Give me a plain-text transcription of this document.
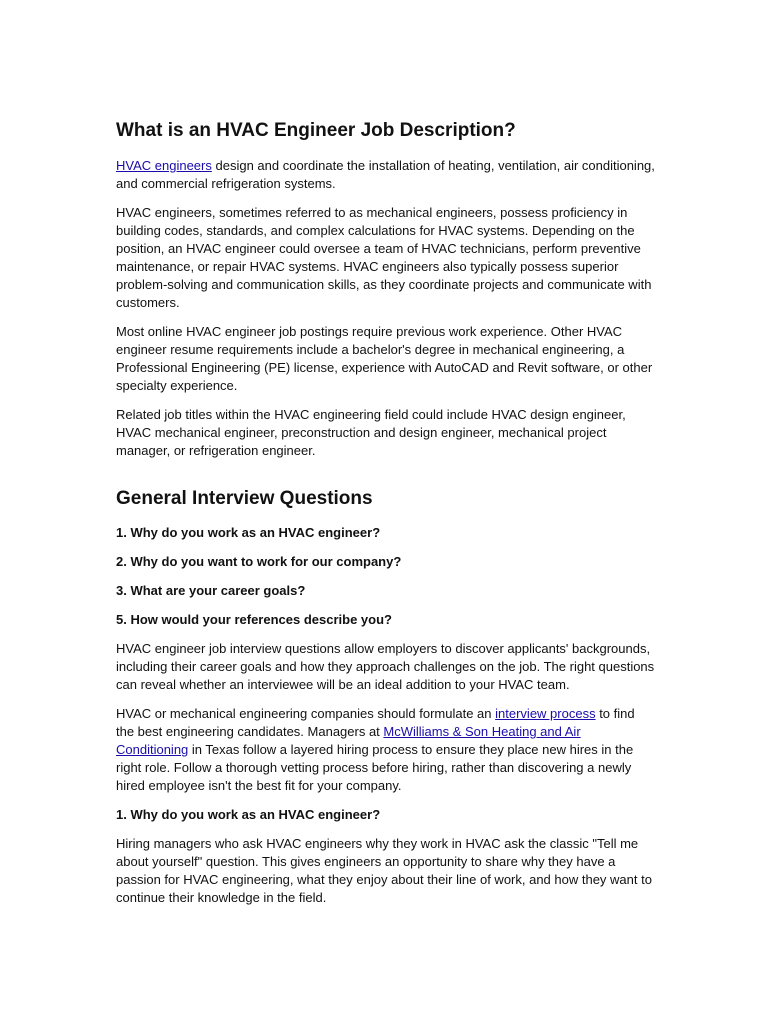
What is an HVAC Engineer Job Description?

HVAC engineers design and coordinate the installation of heating, ventilation, air conditioning, and commercial refrigeration systems.

HVAC engineers, sometimes referred to as mechanical engineers, possess proficiency in building codes, standards, and complex calculations for HVAC systems. Depending on the position, an HVAC engineer could oversee a team of HVAC technicians, perform preventive maintenance, or repair HVAC systems. HVAC engineers also typically possess superior problem-solving and communication skills, as they coordinate projects and communicate with customers.

Most online HVAC engineer job postings require previous work experience. Other HVAC engineer resume requirements include a bachelor's degree in mechanical engineering, a Professional Engineering (PE) license, experience with AutoCAD and Revit software, or other specialty experience.

Related job titles within the HVAC engineering field could include HVAC design engineer, HVAC mechanical engineer, preconstruction and design engineer, mechanical project manager, or refrigeration engineer.

General Interview Questions

1. Why do you work as an HVAC engineer?

2. Why do you want to work for our company?

3. What are your career goals?

5. How would your references describe you?

HVAC engineer job interview questions allow employers to discover applicants' backgrounds, including their career goals and how they approach challenges on the job. The right questions can reveal whether an interviewee will be an ideal addition to your HVAC team.

HVAC or mechanical engineering companies should formulate an interview process to find the best engineering candidates. Managers at McWilliams & Son Heating and Air Conditioning in Texas follow a layered hiring process to ensure they place new hires in the right role. Follow a thorough vetting process before hiring, rather than discovering a newly hired employee isn't the best fit for your company.

1. Why do you work as an HVAC engineer?

Hiring managers who ask HVAC engineers why they work in HVAC ask the classic "Tell me about yourself" question. This gives engineers an opportunity to share why they have a passion for HVAC engineering, what they enjoy about their line of work, and how they want to continue their knowledge in the field.
